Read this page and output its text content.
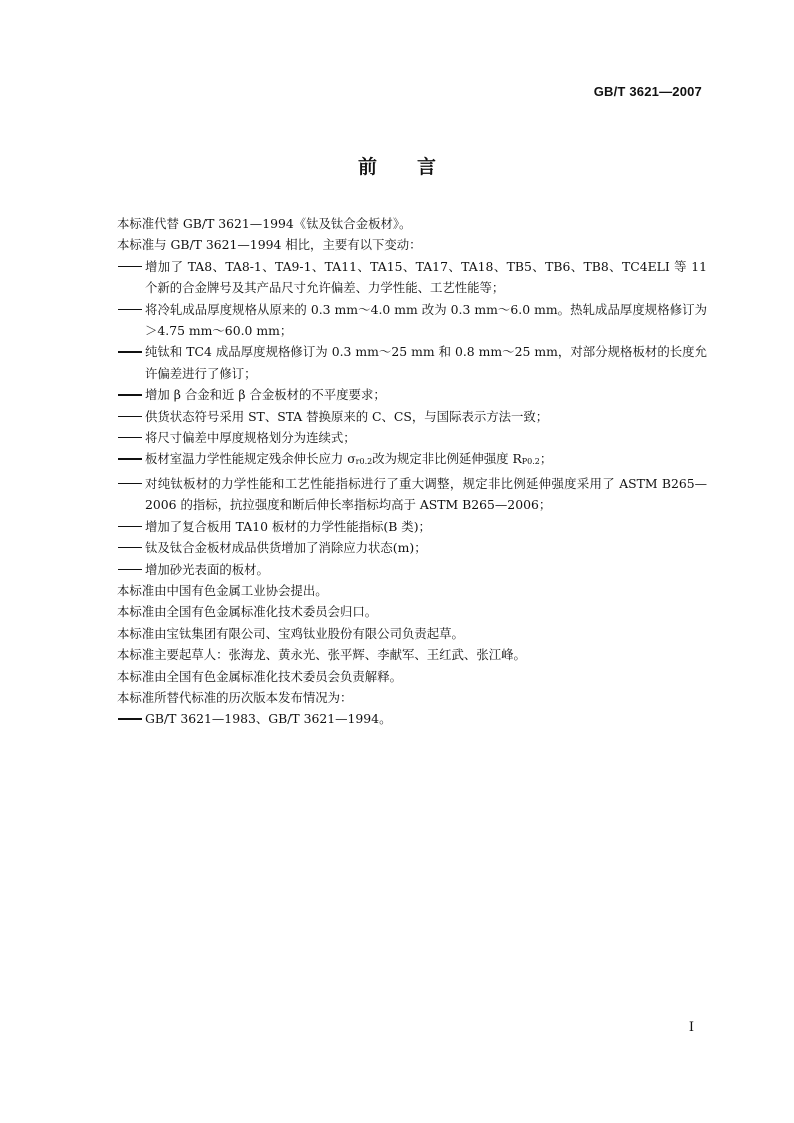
GB/T 3621—2007
前 言

本标准代替 GB/T 3621—1994《钛及钛合金板材》。

本标准与 GB/T 3621—1994 相比，主要有以下变动：

增加了 TA8、TA8-1、TA9-1、TA11、TA15、TA17、TA18、TB5、TB6、TB8、TC4ELI 等 11 个新的合金牌号及其产品尺寸允许偏差、力学性能、工艺性能等；
将冷轧成品厚度规格从原来的 0.3 mm～4.0 mm 改为 0.3 mm～6.0 mm。热轧成品厚度规格修订为＞4.75 mm～60.0 mm；
纯钛和 TC4 成品厚度规格修订为 0.3 mm～25 mm 和 0.8 mm～25 mm，对部分规格板材的长度允许偏差进行了修订；
增加 β 合金和近 β 合金板材的不平度要求；
供货状态符号采用 ST、STA 替换原来的 C、CS，与国际表示方法一致；
将尺寸偏差中厚度规格划分为连续式；
板材室温力学性能规定残余伸长应力 $\sigma_{r0.2}$改为规定非比例延伸强度 $R_{P0.2}$；
对纯钛板材的力学性能和工艺性能指标进行了重大调整，规定非比例延伸强度采用了 ASTM B265—2006 的指标，抗拉强度和断后伸长率指标均高于 ASTM B265—2006；
增加了复合板用 TA10 板材的力学性能指标(B 类)；
钛及钛合金板材成品供货增加了消除应力状态(m)；
增加砂光表面的板材。

本标准由中国有色金属工业协会提出。

本标准由全国有色金属标准化技术委员会归口。

本标准由宝钛集团有限公司、宝鸡钛业股份有限公司负责起草。

本标准主要起草人：张海龙、黄永光、张平辉、李献军、王红武、张江峰。

本标准由全国有色金属标准化技术委员会负责解释。

本标准所替代标准的历次版本发布情况为：

GB/T 3621—1983、GB/T 3621—1994。
I
